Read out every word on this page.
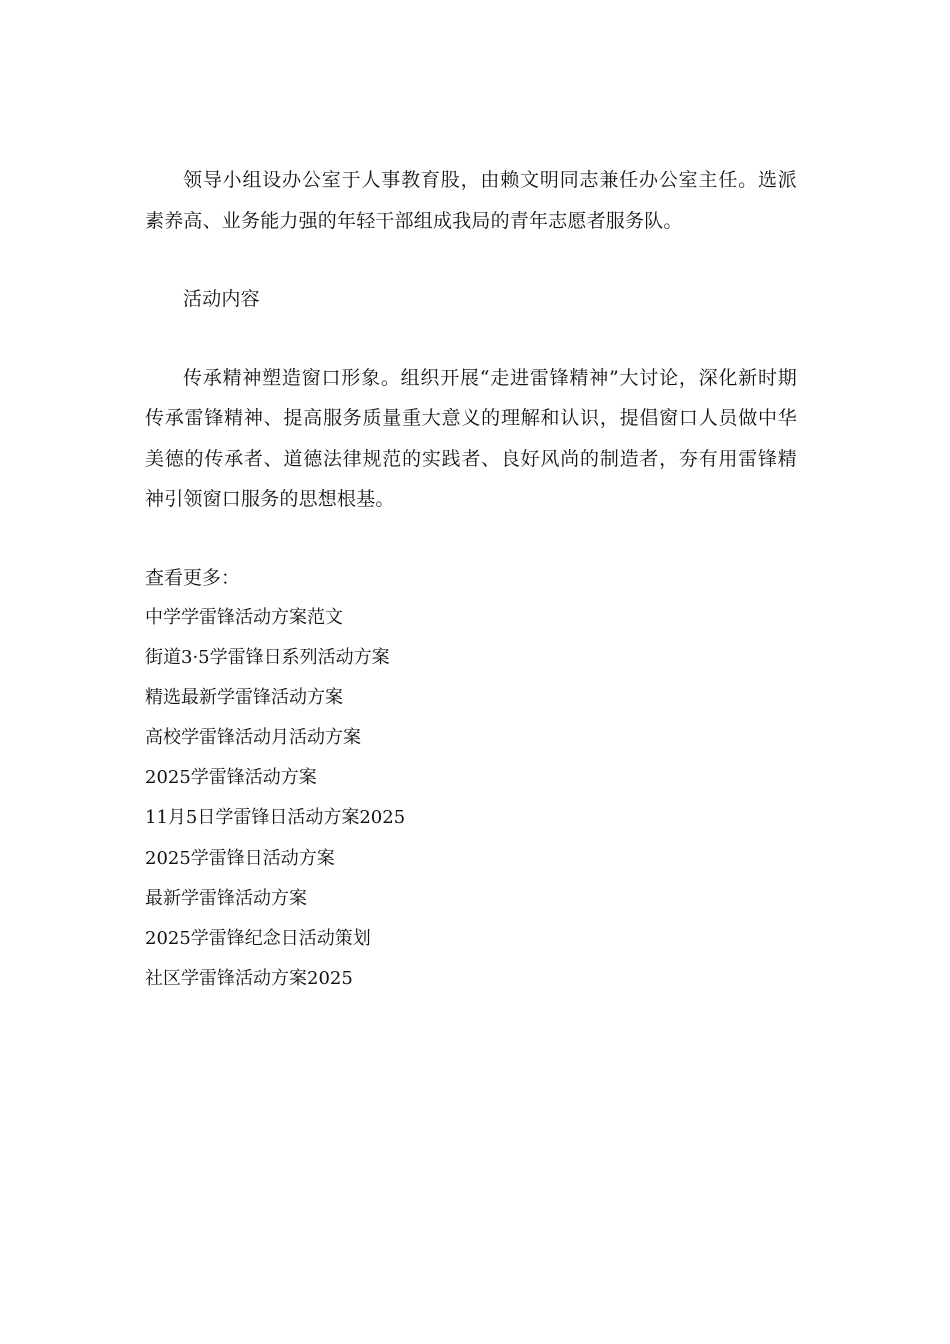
领导小组设办公室于人事教育股，由赖文明同志兼任办公室主任。选派素养高、业务能力强的年轻干部组成我局的青年志愿者服务队。

活动内容

传承精神塑造窗口形象。组织开展“走进雷锋精神”大讨论，深化新时期传承雷锋精神、提高服务质量重大意义的理解和认识，提倡窗口人员做中华美德的传承者、道德法律规范的实践者、良好风尚的制造者，夯有用雷锋精神引领窗口服务的思想根基。

查看更多：

中学学雷锋活动方案范文
街道3·5学雷锋日系列活动方案
精选最新学雷锋活动方案
高校学雷锋活动月活动方案
2025学雷锋活动方案
11月5日学雷锋日活动方案2025
2025学雷锋日活动方案
最新学雷锋活动方案
2025学雷锋纪念日活动策划
社区学雷锋活动方案2025
